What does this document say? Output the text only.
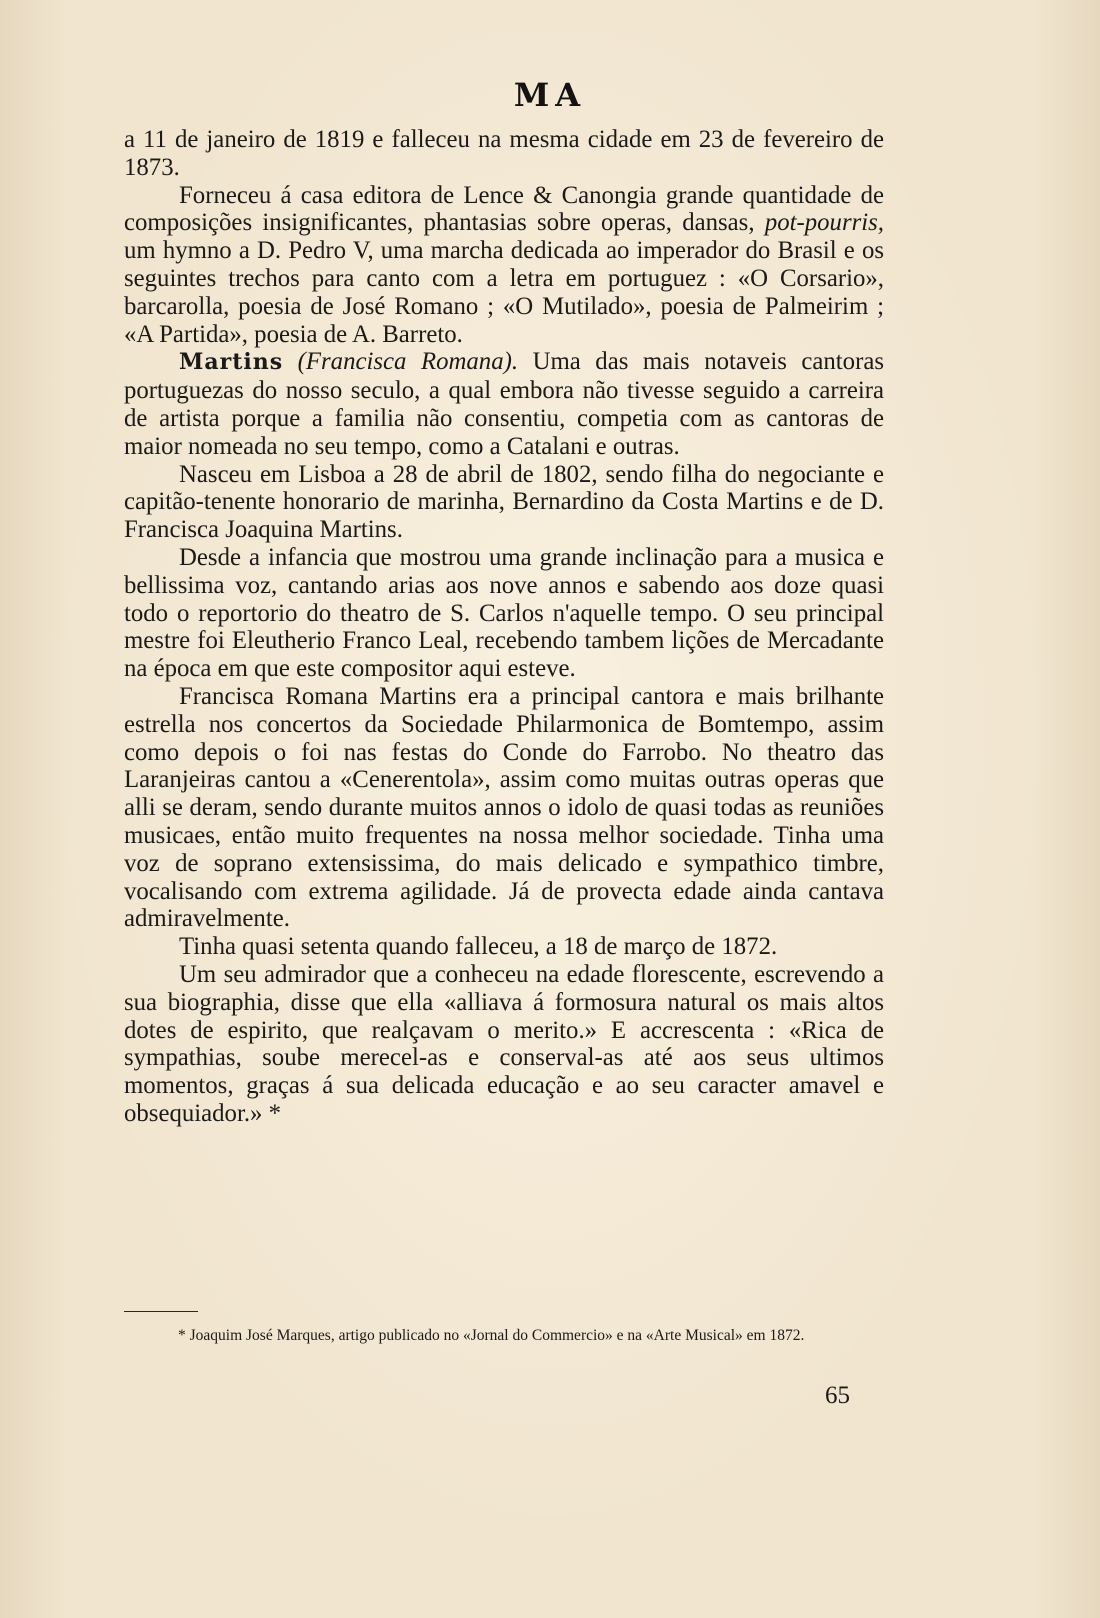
MA

a 11 de janeiro de 1819 e falleceu na mesma cidade em 23 de fevereiro de 1873.

Forneceu á casa editora de Lence & Canongia grande quantidade de composições insignificantes, phantasias sobre operas, dansas, pot-pourris, um hymno a D. Pedro V, uma marcha dedicada ao imperador do Brasil e os seguintes trechos para canto com a letra em portuguez : «O Corsario», barcarolla, poesia de José Romano ; «O Mutilado», poesia de Palmeirim ; «A Partida», poesia de A. Barreto.

Martins (Francisca Romana). Uma das mais notaveis cantoras portuguezas do nosso seculo, a qual embora não tivesse seguido a carreira de artista porque a familia não consentiu, competia com as cantoras de maior nomeada no seu tempo, como a Catalani e outras.

Nasceu em Lisboa a 28 de abril de 1802, sendo filha do negociante e capitão-tenente honorario de marinha, Bernardino da Costa Martins e de D. Francisca Joaquina Martins.

Desde a infancia que mostrou uma grande inclinação para a musica e bellissima voz, cantando arias aos nove annos e sabendo aos doze quasi todo o reportorio do theatro de S. Carlos n'aquelle tempo. O seu principal mestre foi Eleutherio Franco Leal, recebendo tambem lições de Mercadante na época em que este compositor aqui esteve.

Francisca Romana Martins era a principal cantora e mais brilhante estrella nos concertos da Sociedade Philarmonica de Bomtempo, assim como depois o foi nas festas do Conde do Farrobo. No theatro das Laranjeiras cantou a «Cenerentola», assim como muitas outras operas que alli se deram, sendo durante muitos annos o idolo de quasi todas as reuniões musicaes, então muito frequentes na nossa melhor sociedade. Tinha uma voz de soprano extensissima, do mais delicado e sympathico timbre, vocalisando com extrema agilidade. Já de provecta edade ainda cantava admiravelmente.

Tinha quasi setenta quando falleceu, a 18 de março de 1872.

Um seu admirador que a conheceu na edade florescente, escrevendo a sua biographia, disse que ella «alliava á formosura natural os mais altos dotes de espirito, que realçavam o merito.» E accrescenta : «Rica de sympathias, soube merecel-as e conserval-as até aos seus ultimos momentos, graças á sua delicada educação e ao seu caracter amavel e obsequiador.» *

* Joaquim José Marques, artigo publicado no «Jornal do Commercio» e na «Arte Musical» em 1872.

65
